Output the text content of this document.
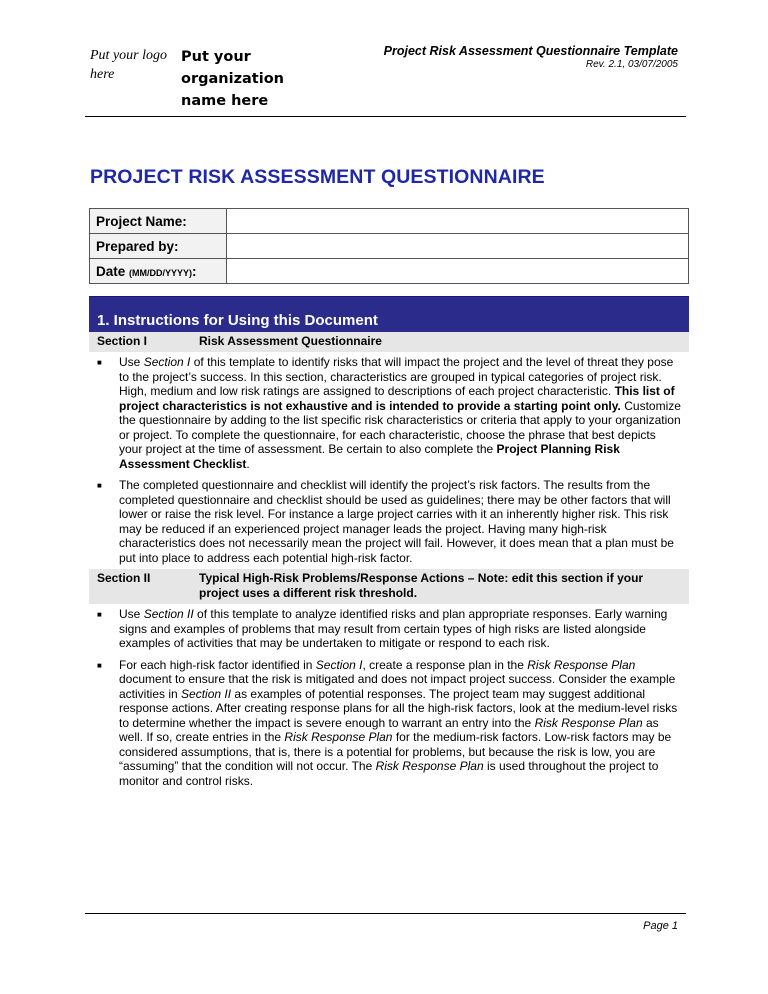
Put your logo here
Put your organization name here
Project Risk Assessment Questionnaire Template
Rev. 2.1, 03/07/2005
PROJECT RISK ASSESSMENT QUESTIONNAIRE
Project Name:	
Prepared by:	
Date (MM/DD/YYYY):	
1. Instructions for Using this Document
Section I	Risk Assessment Questionnaire
■	Use Section I of this template to identify risks that will impact the project and the level of threat they pose to the project’s success. In this section, characteristics are grouped in typical categories of project risk. High, medium and low risk ratings are assigned to descriptions of each project characteristic. This list of project characteristics is not exhaustive and is intended to provide a starting point only. Customize the questionnaire by adding to the list specific risk characteristics or criteria that apply to your organization or project. To complete the questionnaire, for each characteristic, choose the phrase that best depicts your project at the time of assessment. Be certain to also complete the Project Planning Risk Assessment Checklist.
■	The completed questionnaire and checklist will identify the project’s risk factors. The results from the completed questionnaire and checklist should be used as guidelines; there may be other factors that will lower or raise the risk level. For instance a large project carries with it an inherently higher risk. This risk may be reduced if an experienced project manager leads the project. Having many high-risk characteristics does not necessarily mean the project will fail. However, it does mean that a plan must be put into place to address each potential high-risk factor.
Section II	Typical High-Risk Problems/Response Actions – Note: edit this section if your project uses a different risk threshold.
■	Use Section II of this template to analyze identified risks and plan appropriate responses. Early warning signs and examples of problems that may result from certain types of high risks are listed alongside examples of activities that may be undertaken to mitigate or respond to each risk.
■	For each high-risk factor identified in Section I, create a response plan in the Risk Response Plan document to ensure that the risk is mitigated and does not impact project success. Consider the example activities in Section II as examples of potential responses. The project team may suggest additional response actions. After creating response plans for all the high-risk factors, look at the medium-level risks to determine whether the impact is severe enough to warrant an entry into the Risk Response Plan as well. If so, create entries in the Risk Response Plan for the medium-risk factors. Low-risk factors may be considered assumptions, that is, there is a potential for problems, but because the risk is low, you are “assuming” that the condition will not occur. The Risk Response Plan is used throughout the project to monitor and control risks.
Page 1
